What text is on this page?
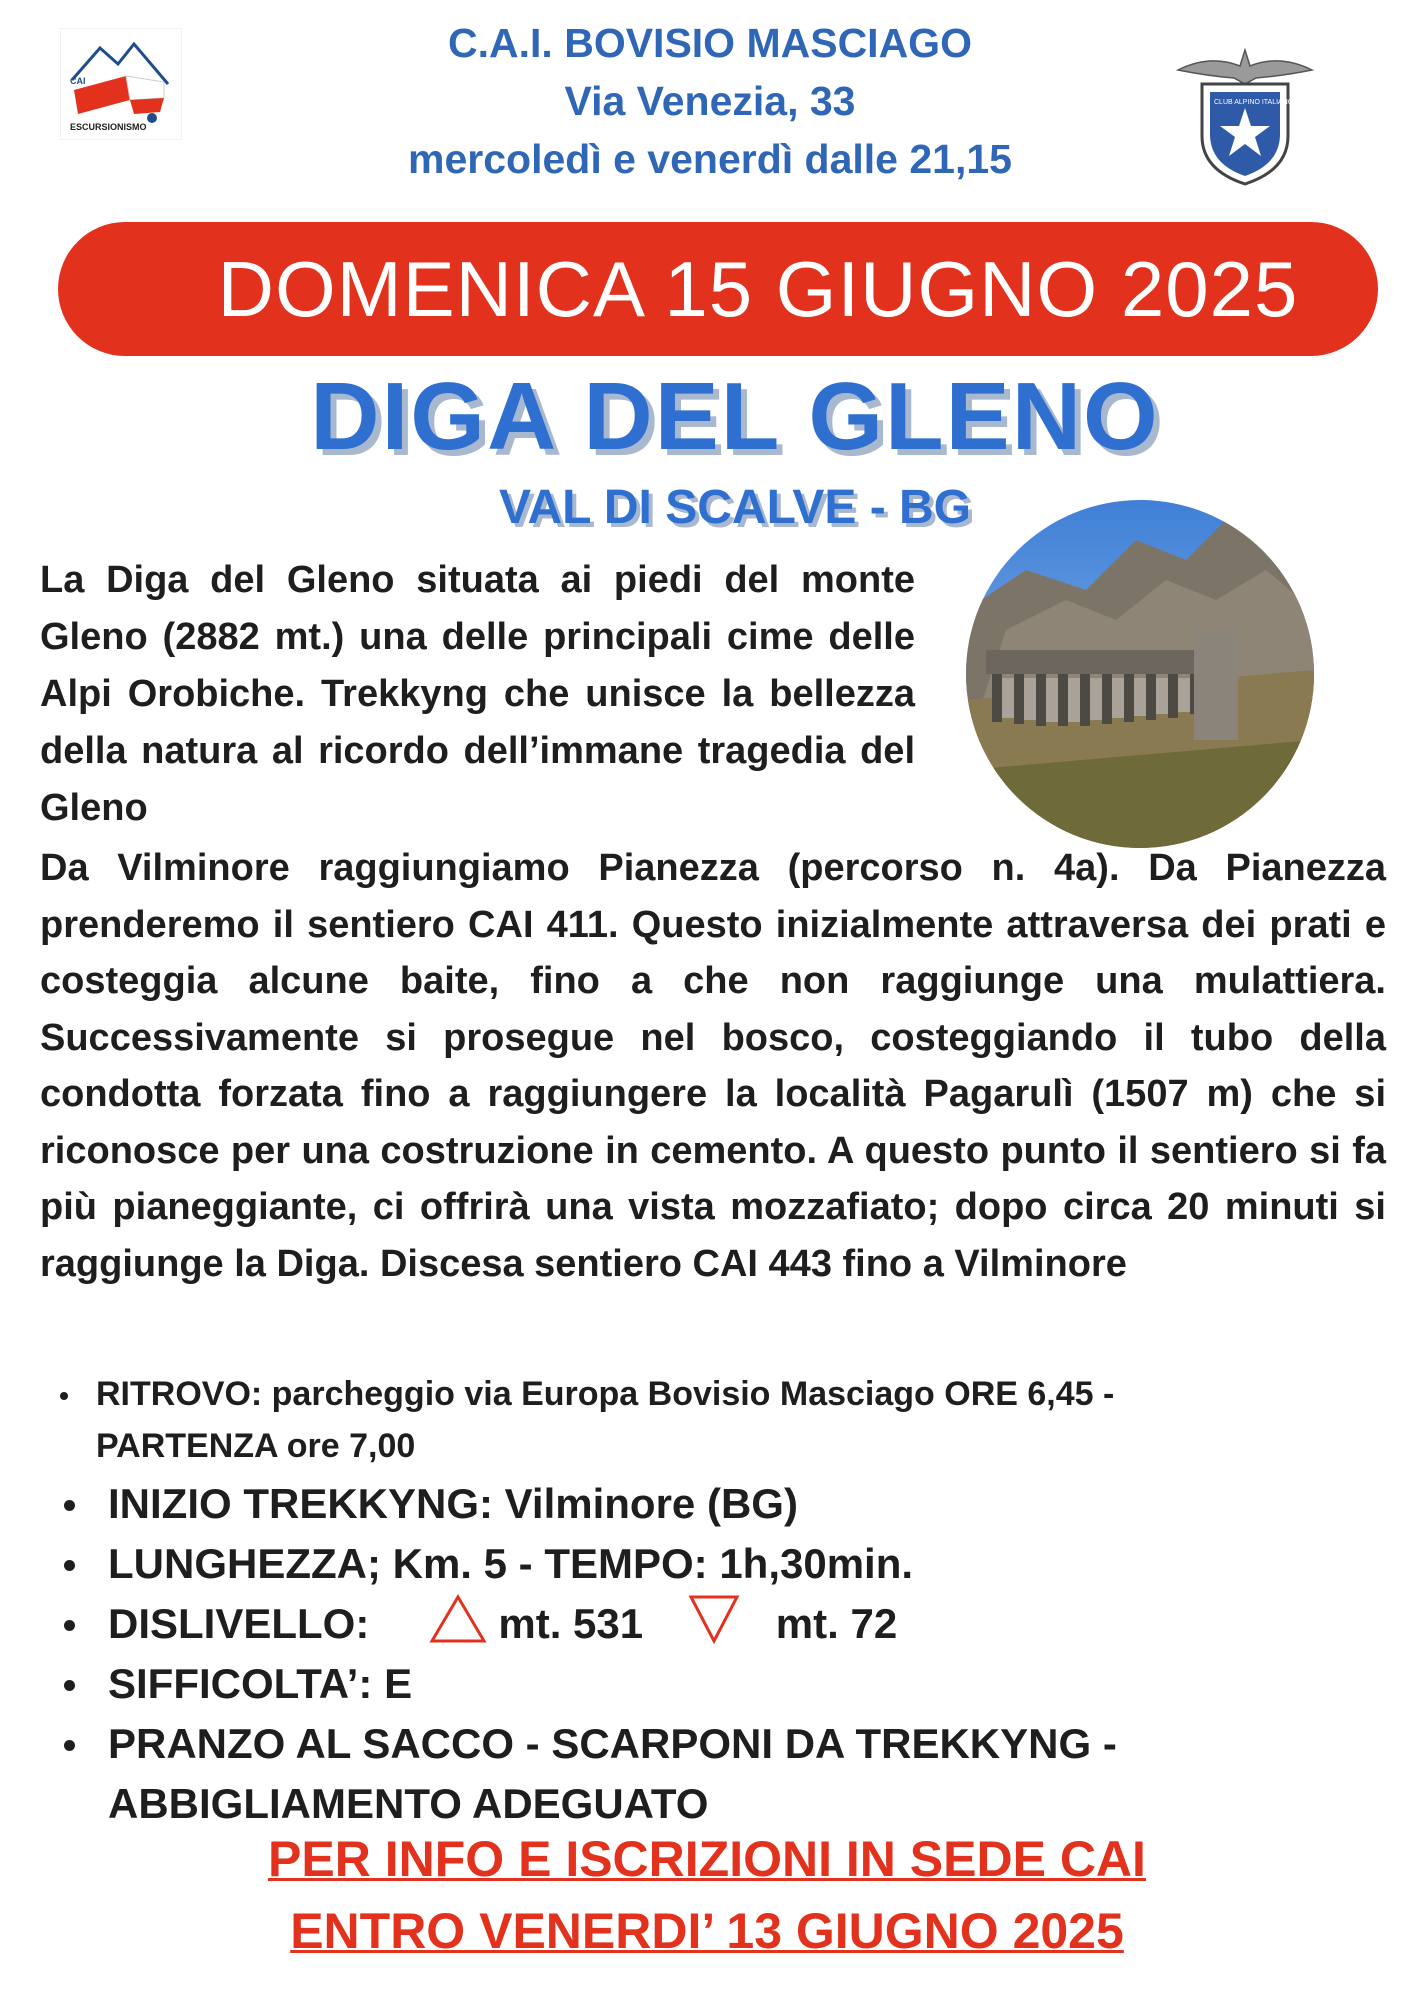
CAI
ESCURSIONISMO
C.A.I. BOVISIO MASCIAGO
Via Venezia, 33
mercoledì e venerdì dalle 21,15
CLUB ALPINO ITALIANO
DOMENICA 15 GIUGNO 2025
DIGA DEL GLENO
VAL DI SCALVE - BG
La Diga del Gleno situata ai piedi del monte Gleno (2882 mt.) una delle principali cime delle Alpi Orobiche. Trekkyng che unisce la bellezza della natura al ricordo dell’immane tragedia del Gleno
Da Vilminore raggiungiamo Pianezza (percorso n. 4a). Da Pianezza prenderemo il sentiero CAI 411. Questo inizialmente attraversa dei prati e costeggia alcune baite, fino a che non raggiunge una mulattiera. Successivamente si prosegue nel bosco, costeggiando il tubo della condotta forzata fino a raggiungere la località Pagarulì (1507 m) che si riconosce per una costruzione in cemento. A questo punto il sentiero si fa più pianeggiante, ci offrirà una vista mozzafiato; dopo circa 20 minuti si raggiunge la Diga. Discesa sentiero CAI 443 fino a Vilminore
RITROVO: parcheggio via Europa Bovisio Masciago ORE 6,45 - PARTENZA ore 7,00
INIZIO TREKKYNG: Vilminore (BG)
LUNGHEZZA; Km. 5 - TEMPO: 1h,30min.
DISLIVELLO:	mt. 531	mt. 72
SIFFICOLTA’: E
PRANZO AL SACCO - SCARPONI DA TREKKYNG - ABBIGLIAMENTO ADEGUATO
PER INFO E ISCRIZIONI IN SEDE CAI
ENTRO VENERDI’ 13 GIUGNO 2025
